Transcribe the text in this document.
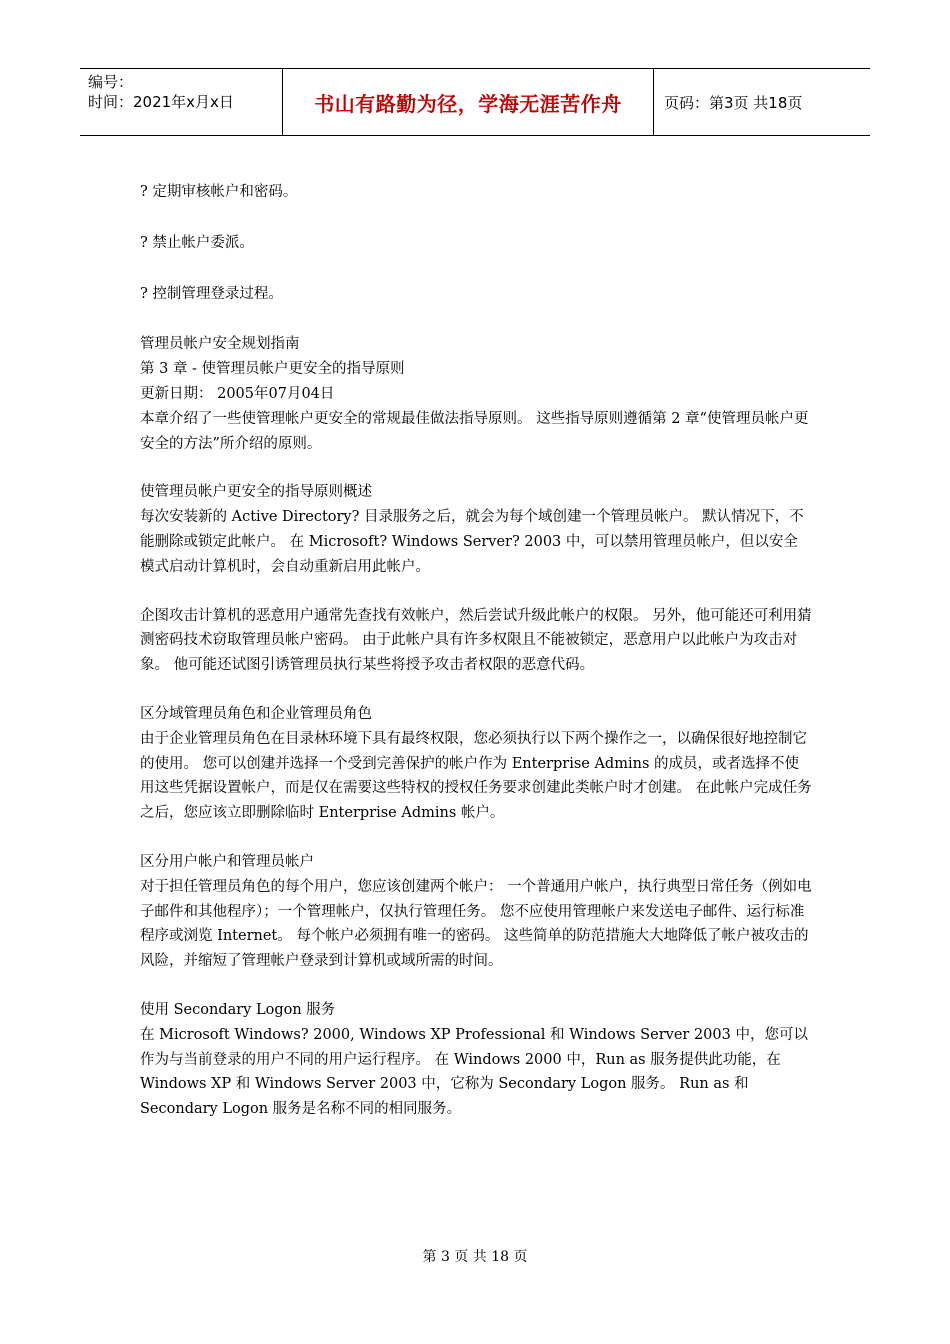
编号：
时间：2021年x月x日	书山有路勤为径，学海无涯苦作舟	页码：第3页 共18页

? 定期审核帐户和密码。

? 禁止帐户委派。

? 控制管理登录过程。

管理员帐户安全规划指南

第 3 章 - 使管理员帐户更安全的指导原则

更新日期： 2005年07月04日

本章介绍了一些使管理帐户更安全的常规最佳做法指导原则。 这些指导原则遵循第 2 章“使管理员帐户更安全的方法”所介绍的原则。

使管理员帐户更安全的指导原则概述

每次安装新的 Active Directory? 目录服务之后，就会为每个域创建一个管理员帐户。 默认情况下，不能删除或锁定此帐户。 在 Microsoft? Windows Server? 2003 中，可以禁用管理员帐户，但以安全模式启动计算机时，会自动重新启用此帐户。

企图攻击计算机的恶意用户通常先查找有效帐户，然后尝试升级此帐户的权限。 另外，他可能还可利用猜测密码技术窃取管理员帐户密码。 由于此帐户具有许多权限且不能被锁定，恶意用户以此帐户为攻击对象。 他可能还试图引诱管理员执行某些将授予攻击者权限的恶意代码。

区分域管理员角色和企业管理员角色

由于企业管理员角色在目录林环境下具有最终权限，您必须执行以下两个操作之一，以确保很好地控制它的使用。 您可以创建并选择一个受到完善保护的帐户作为 Enterprise Admins 的成员，或者选择不使用这些凭据设置帐户，而是仅在需要这些特权的授权任务要求创建此类帐户时才创建。 在此帐户完成任务之后，您应该立即删除临时 Enterprise Admins 帐户。

区分用户帐户和管理员帐户

对于担任管理员角色的每个用户，您应该创建两个帐户： 一个普通用户帐户，执行典型日常任务（例如电子邮件和其他程序）；一个管理帐户，仅执行管理任务。 您不应使用管理帐户来发送电子邮件、运行标准程序或浏览 Internet。 每个帐户必须拥有唯一的密码。 这些简单的防范措施大大地降低了帐户被攻击的风险，并缩短了管理帐户登录到计算机或域所需的时间。

使用 Secondary Logon 服务

在 Microsoft Windows? 2000, Windows XP Professional 和 Windows Server 2003 中，您可以作为与当前登录的用户不同的用户运行程序。 在 Windows 2000 中，Run as 服务提供此功能，在 Windows XP 和 Windows Server 2003 中，它称为 Secondary Logon 服务。 Run as 和 Secondary Logon 服务是名称不同的相同服务。

第 3 页 共 18 页
